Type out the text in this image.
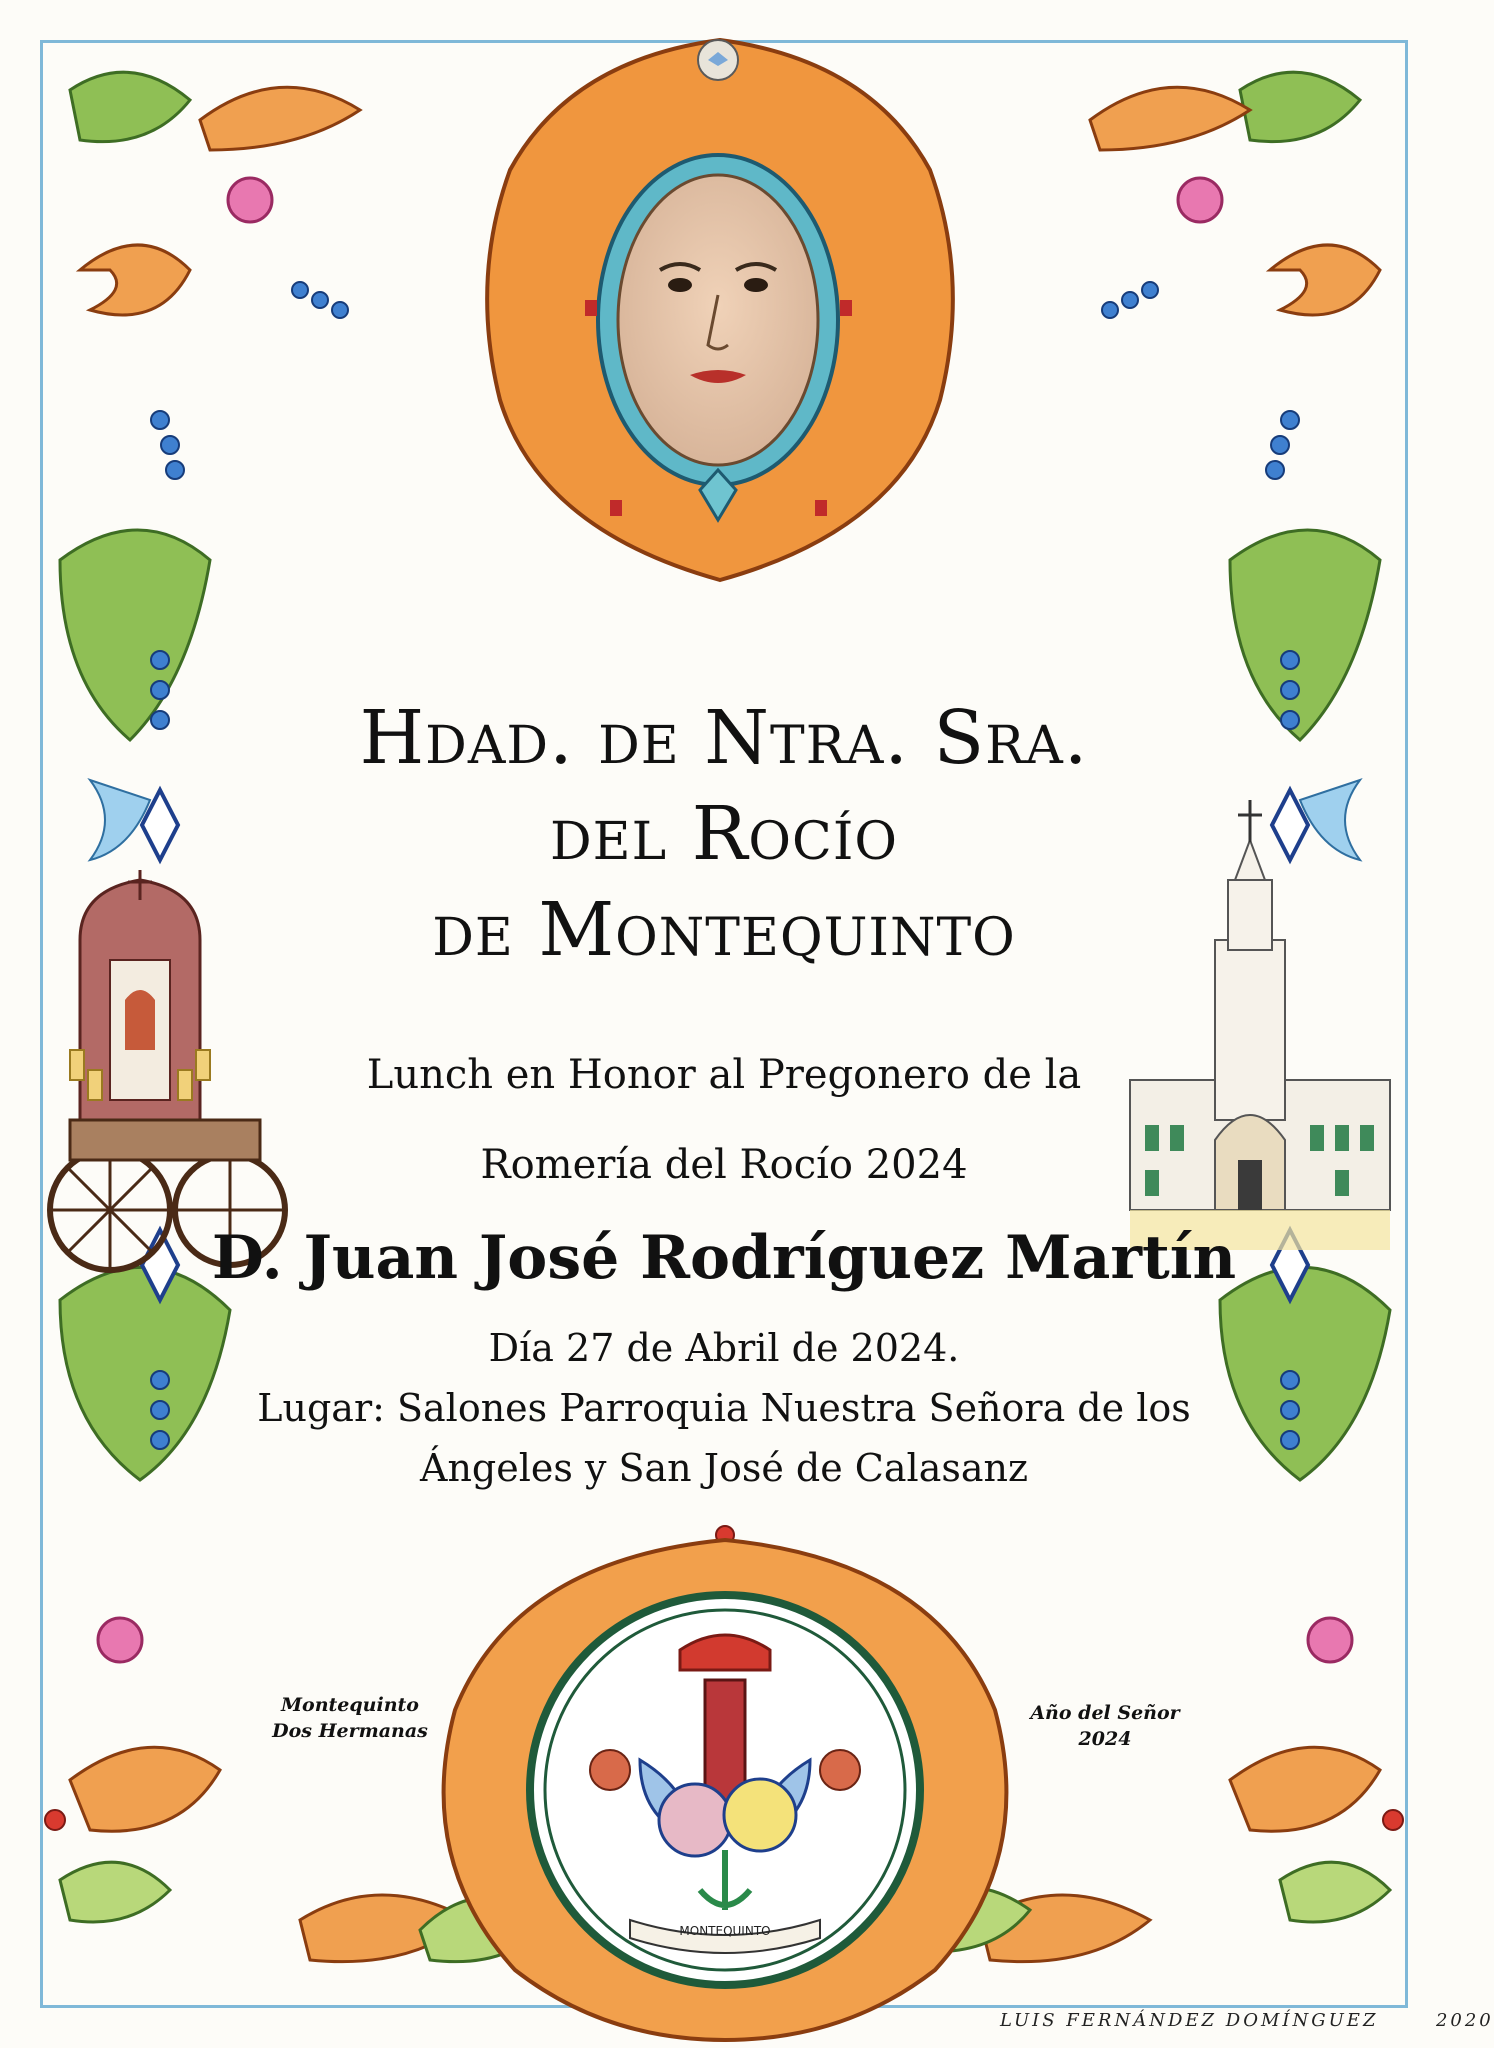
MONTEQUINTO
Hdad. de Ntra. Sra.
del Rocío
de Montequinto
Lunch en Honor al Pregonero de la
Romería del Rocío 2024
D. Juan José Rodríguez Martín
Día 27 de Abril de 2024.
Lugar: Salones Parroquia Nuestra Señora de los
Ángeles y San José de Calasanz
Montequinto
Dos Hermanas
Año del Señor
2024
LUIS FERNÁNDEZ DOMÍNGUEZ	2020
